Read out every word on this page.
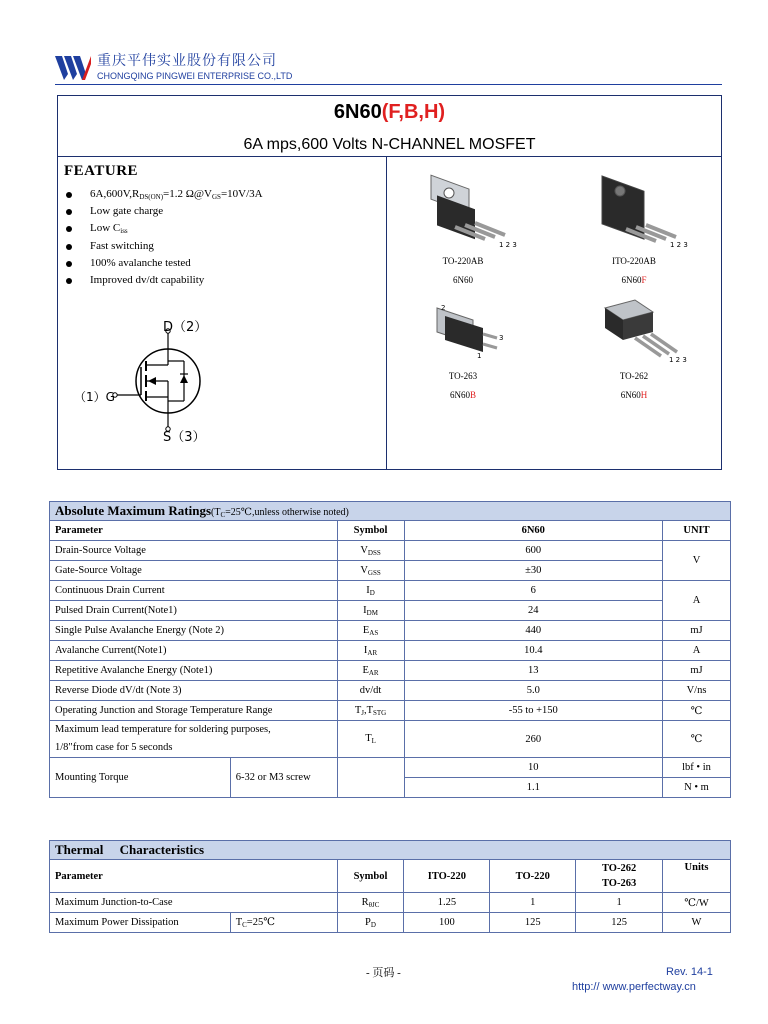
重庆平伟实业股份有限公司
CHONGQING PINGWEI ENTERPRISE CO.,LTD
6N60(F,B,H)
6A mps,600 Volts N-CHANNEL MOSFET
FEATURE
$6A,600V,R_{DS(ON)}=1.2$ $\Omega@V_{GS}=10V/3A$
Low gate charge
Low $C_{iss}$
Fast switching
100% avalanche tested
Improved dv/dt capability
D（2）
（1）G
S（3）
1 2 3	1 2 3
2
3
1	1 2 3
TO-220AB
6N60
ITO-220AB
6N60F
TO-263
6N60B
TO-262
6N60H
Absolute Maximum $Ratings(T_C=25℃,unless$ otherwise noted)				
Parameter		Symbol	6N60	UNIT
Drain-Source Voltage		$V_{DSS}$	600	V
Gate-Source Voltage		$V_{GSS}$	±30	
Continuous Drain Current		$I_D$	6	A
Pulsed Drain Current(Note1)		$I_{DM}$	24	
Single Pulse Avalanche Energy (Note 2)		$E_{AS}$	440	mJ
Avalanche Current(Note1)		$I_{AR}$	10.4	A
Repetitive Avalanche Energy (Note1)		$E_{AR}$	13	mJ
Reverse Diode dV/dt (Note 3)		dv/dt	5.0	V/ns
Operating Junction and Storage Temperature Range		$T_J,T_{STG}$	-55 to +150	℃
Maximum lead temperature for soldering purposes,
1/8"from case for 5 seconds		$T_L$	260	℃
Mounting Torque	6-32 or M3 screw		10	lbf • in
			1.1	N • m
Thermal     Characteristics						
Parameter		Symbol	ITO-220	TO-220	TO-262
TO-263	Units
Maximum Junction-to-Case		$R_{\theta JC}$	1.25	1	1	℃/W
Maximum Power Dissipation	$T_C=25℃$	$P_D$	100	125	125	W
- 页码 -	Rev. 14-1
http:// www.perfectway.cn
